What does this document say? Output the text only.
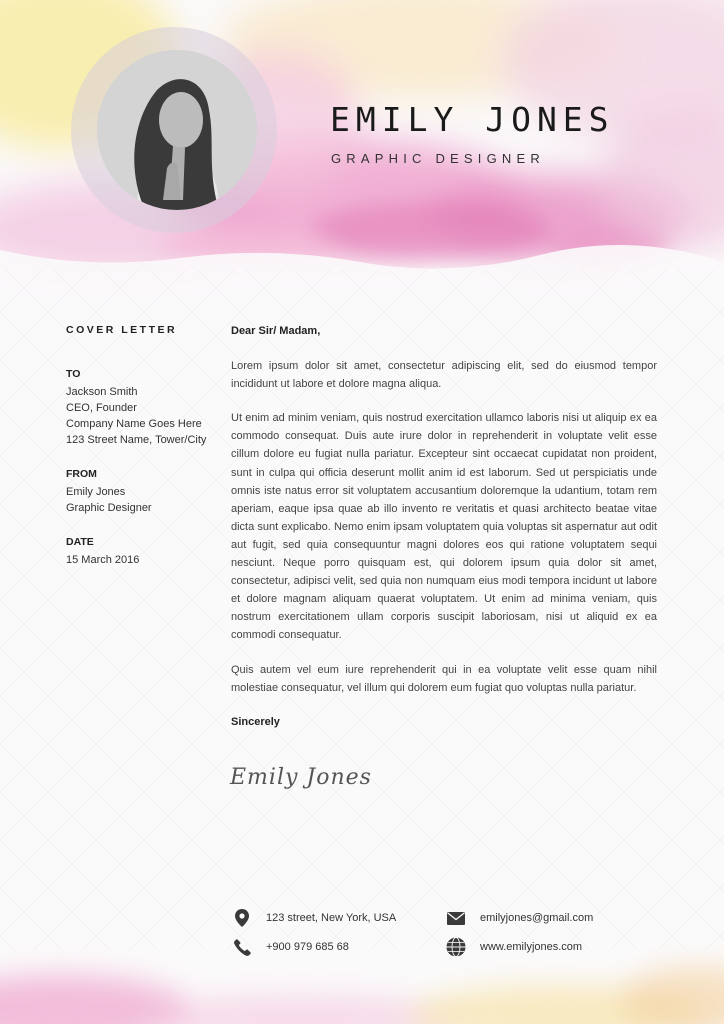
EMILY JONES
GRAPHIC DESIGNER
COVER LETTER
TO
Jackson Smith
CEO, Founder
Company Name Goes Here
123 Street Name, Tower/City
FROM
Emily Jones
Graphic Designer
DATE
15 March 2016

Dear Sir/ Madam,

Lorem ipsum dolor sit amet, consectetur adipiscing elit, sed do eiusmod tempor incididunt ut labore et dolore magna aliqua.

Ut enim ad minim veniam, quis nostrud exercitation ullamco laboris nisi ut aliquip ex ea commodo consequat. Duis aute irure dolor in reprehenderit in voluptate velit esse cillum dolore eu fugiat nulla pariatur. Excepteur sint occaecat cupidatat non proident, sunt in culpa qui officia deserunt mollit anim id est laborum. Sed ut perspiciatis unde omnis iste natus error sit voluptatem accusantium doloremque la udantium, totam rem aperiam, eaque ipsa quae ab illo invento re veritatis et quasi architecto beatae vitae dicta sunt explicabo. Nemo enim ipsam voluptatem quia voluptas sit aspernatur aut odit aut fugit, sed quia consequuntur magni dolores eos qui ratione voluptatem sequi nesciunt. Neque porro quisquam est, qui dolorem ipsum quia dolor sit amet, consectetur, adipisci velit, sed quia non numquam eius modi tempora incidunt ut labore et dolore magnam aliquam quaerat voluptatem. Ut enim ad minima veniam, quis nostrum exercitationem ullam corporis suscipit laboriosam, nisi ut aliquid ex ea commodi consequatur.

Quis autem vel eum iure reprehenderit qui in ea voluptate velit esse quam nihil molestiae consequatur, vel illum qui dolorem eum fugiat quo voluptas nulla pariatur.

Sincerely

Emily Jones
123 street, New York, USA	emilyjones@gmail.com
+900 979 685 68	www.emilyjones.com
